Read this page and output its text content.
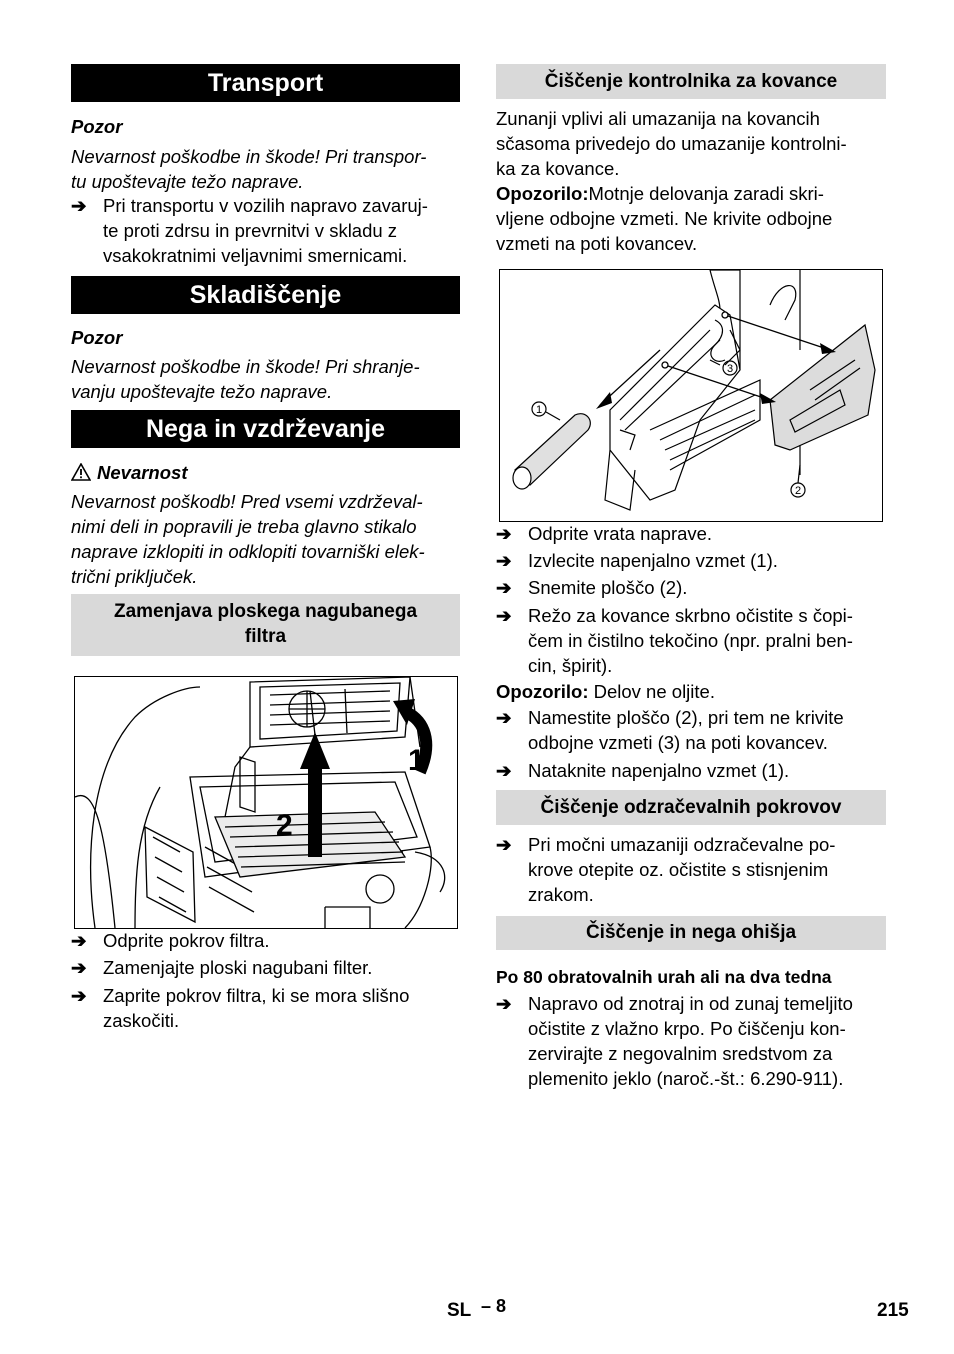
Transport
Pozor
Nevarnost poškodbe in škode! Pri transpor-
tu upoštevajte težo naprave.
➔ Pri transportu v vozilih napravo zavaruj-
te proti zdrsu in prevrnitvi v skladu z
vsakokratnimi veljavnimi smernicami.
Skladiščenje
Pozor
Nevarnost poškodbe in škode! Pri shranje-
vanju upoštevajte težo naprave.
Nega in vzdrževanje
Nevarnost
Nevarnost poškodb! Pred vsemi vzdrževal-
nimi deli in popravili je treba glavno stikalo
naprave izklopiti in odklopiti tovarniški elek-
trični priključek.
Zamenjava ploskega nagubanega
filtra
1
2
➔ Odprite pokrov filtra.
➔ Zamenjajte ploski nagubani filter.
➔ Zaprite pokrov filtra, ki se mora slišno
zaskočiti.
Čiščenje kontrolnika za kovance
Zunanji vplivi ali umazanija na kovancih
sčasoma privedejo do umazanije kontrolni-
ka za kovance.
Opozorilo:Motnje delovanja zaradi skri-
vljene odbojne vzmeti. Ne krivite odbojne
vzmeti na poti kovancev.
1
2
3
➔ Odprite vrata naprave.
➔ Izvlecite napenjalno vzmet (1).
➔ Snemite ploščo (2).
➔ Režo za kovance skrbno očistite s čopi-
čem in čistilno tekočino (npr. pralni ben-
cin, špirit).
Opozorilo: Delov ne oljite.
➔ Namestite ploščo (2), pri tem ne krivite
odbojne vzmeti (3) na poti kovancev.
➔ Nataknite napenjalno vzmet (1).
Čiščenje odzračevalnih pokrovov
➔ Pri močni umazaniji odzračevalne po-
krove otepite oz. očistite s stisnjenim
zrakom.
Čiščenje in nega ohišja
Po 80 obratovalnih urah ali na dva tedna
➔ Napravo od znotraj in od zunaj temeljito
očistite z vlažno krpo. Po čiščenju kon-
zervirajte z negovalnim sredstvom za
plemenito jeklo (naroč.-št.: 6.290-911).
SL – 8	215
